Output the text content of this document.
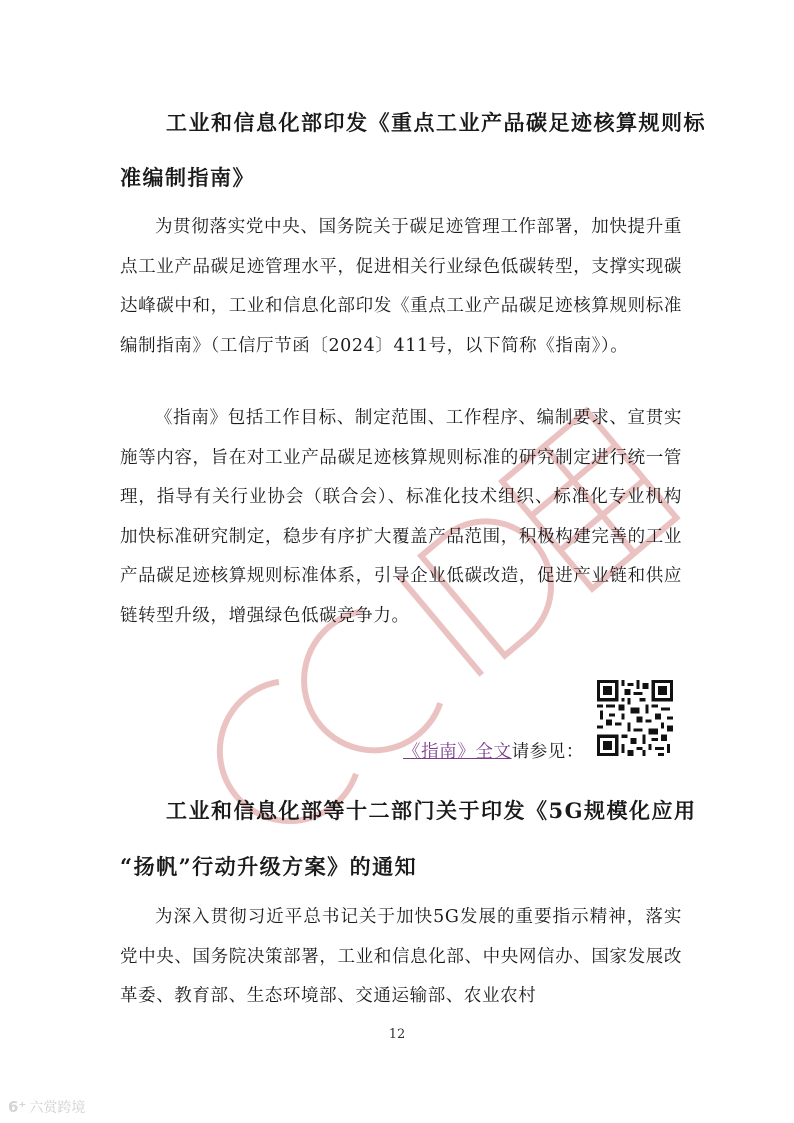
工业和信息化部印发《重点工业产品碳足迹核算规则标
准编制指南》

为贯彻落实党中央、国务院关于碳足迹管理工作部署，加快提升重点工业产品碳足迹管理水平，促进相关行业绿色低碳转型，支撑实现碳达峰碳中和，工业和信息化部印发《重点工业产品碳足迹核算规则标准编制指南》（工信厅节函〔2024〕411号，以下简称《指南》）。

《指南》包括工作目标、制定范围、工作程序、编制要求、宣贯实施等内容，旨在对工业产品碳足迹核算规则标准的研究制定进行统一管理，指导有关行业协会（联合会）、标准化技术组织、标准化专业机构加快标准研究制定，稳步有序扩大覆盖产品范围，积极构建完善的工业产品碳足迹核算规则标准体系，引导企业低碳改造，促进产业链和供应链转型升级，增强绿色低碳竞争力。

《指南》全文请参见：
工业和信息化部等十二部门关于印发《5G规模化应用
“扬帆”行动升级方案》的通知

为深入贯彻习近平总书记关于加快5G发展的重要指示精神，落实党中央、国务院决策部署，工业和信息化部、中央网信办、国家发展改革委、教育部、生态环境部、交通运输部、农业农村

12
6⁺ 六赏跨境
